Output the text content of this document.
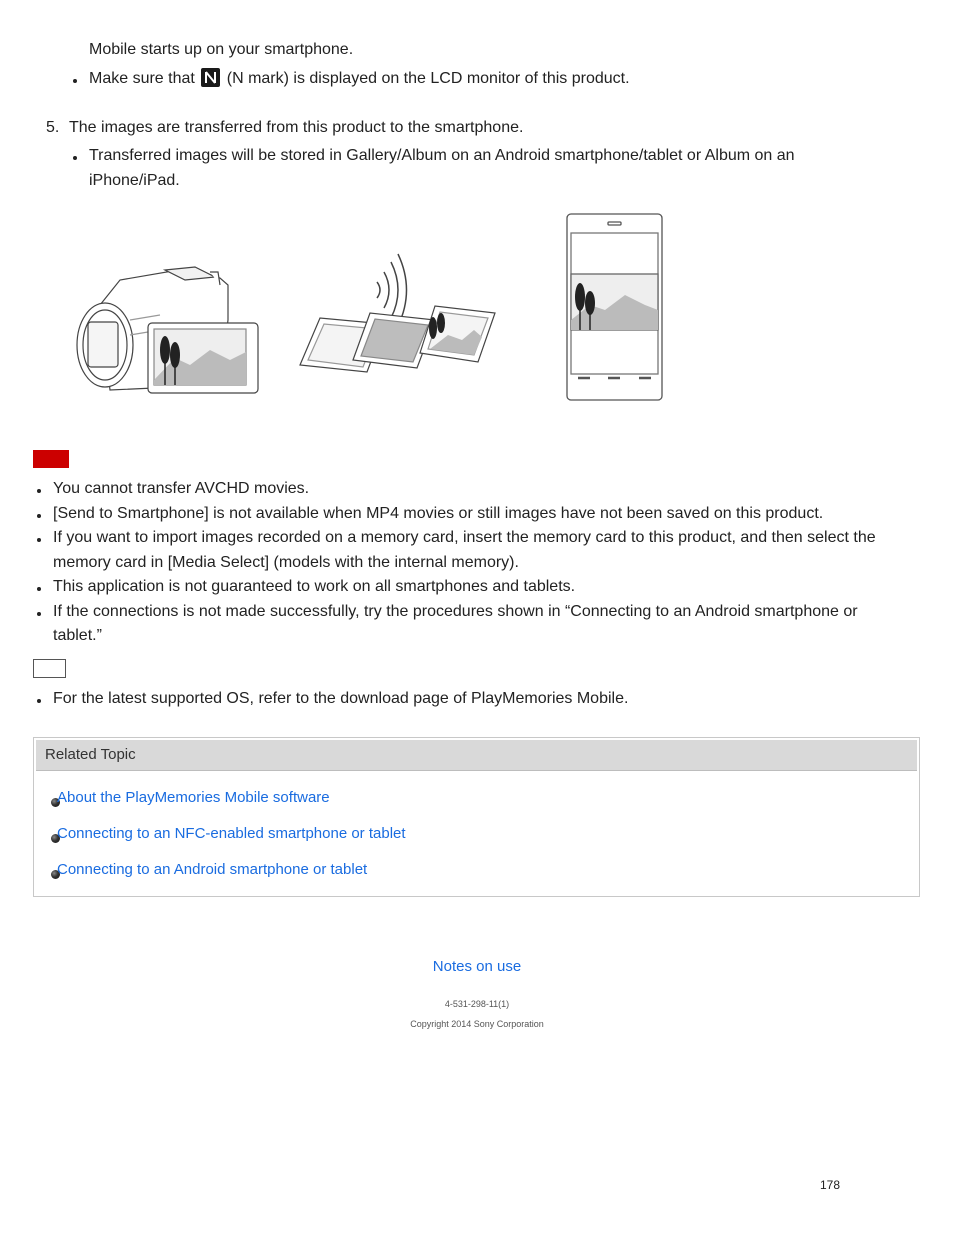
Mobile starts up on your smartphone.
Make sure that (N mark) is displayed on the LCD monitor of this product.
5. The images are transferred from this product to the smartphone.
Transferred images will be stored in Gallery/Album on an Android smartphone/tablet or Album on an
iPhone/iPad.
You cannot transfer AVCHD movies.
[Send to Smartphone] is not available when MP4 movies or still images have not been saved on this product.
If you want to import images recorded on a memory card, insert the memory card to this product, and then select the
memory card in [Media Select] (models with the internal memory).
This application is not guaranteed to work on all smartphones and tablets.
If the connections is not made successfully, try the procedures shown in “Connecting to an Android smartphone or
tablet.”
For the latest supported OS, refer to the download page of PlayMemories Mobile.
Related Topic
About the PlayMemories Mobile software
Connecting to an NFC-enabled smartphone or tablet
Connecting to an Android smartphone or tablet
Notes on use
4-531-298-11(1)
Copyright 2014 Sony Corporation
178
